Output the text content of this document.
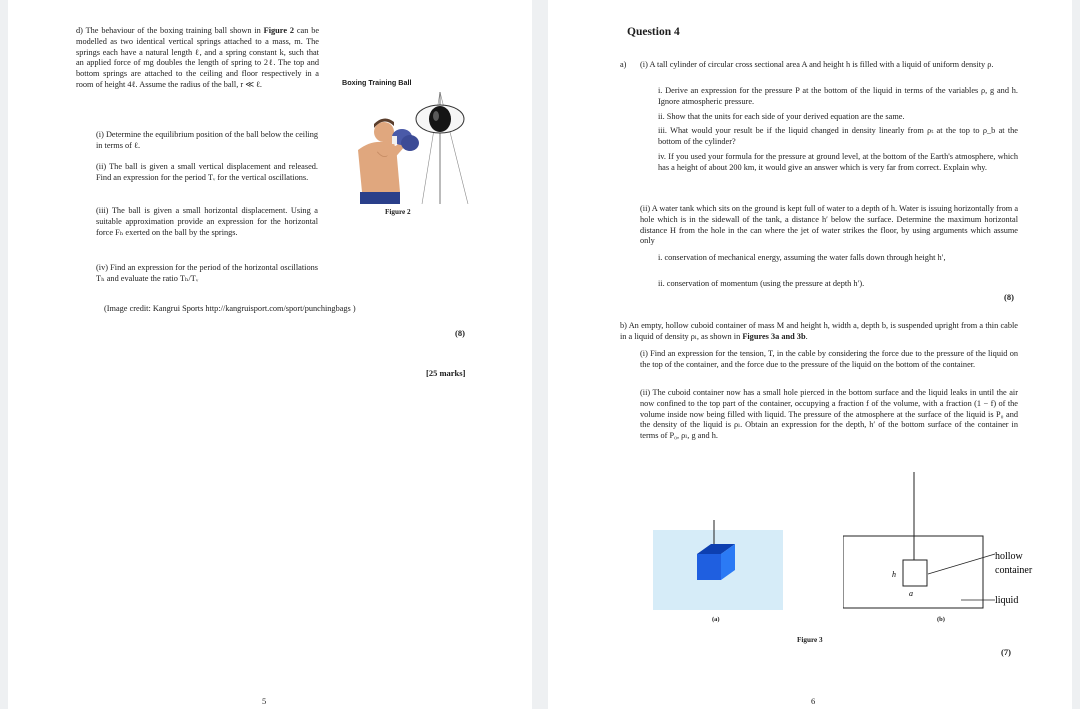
d) The behaviour of the boxing training ball shown in Figure 2 can be modelled as two identical vertical springs attached to a mass, m. The springs each have a natural length ℓ, and a spring constant k, such that an applied force of mg doubles the length of spring to 2ℓ. The top and bottom springs are attached to the ceiling and floor respectively in a room of height 4ℓ. Assume the radius of the ball, r ≪ ℓ.

(i) Determine the equilibrium position of the ball below the ceiling in terms of ℓ.

(ii) The ball is given a small vertical displacement and released. Find an expression for the period Tᵥ for the vertical oscillations.

(iii) The ball is given a small horizontal displacement. Using a suitable approximation provide an expression for the horizontal force Fₕ exerted on the ball by the springs.

(iv) Find an expression for the period of the horizontal oscillations Tₕ and evaluate the ratio Tₕ/Tᵥ

(Image credit: Kangrui Sports http://kangruisport.com/sport/punchingbags )

Boxing Training Ball
Figure 2
(8)
[25 marks]
5
Question 4
a) (i) A tall cylinder of circular cross sectional area A and height h is filled with a liquid of uniform density ρ.

i. Derive an expression for the pressure P at the bottom of the liquid in terms of the variables ρ, g and h. Ignore atmospheric pressure.

ii. Show that the units for each side of your derived equation are the same.

iii. What would your result be if the liquid changed in density linearly from ρₜ at the top to ρ_b at the bottom of the cylinder?

iv. If you used your formula for the pressure at ground level, at the bottom of the Earth's atmosphere, which has a height of about 200 km, it would give an answer which is very far from correct. Explain why.

(ii) A water tank which sits on the ground is kept full of water to a depth of h. Water is issuing horizontally from a hole which is in the sidewall of the tank, a distance h′ below the surface. Determine the maximum horizontal distance H from the hole in the can where the jet of water strikes the floor, by using arguments which assume only

i. conservation of mechanical energy, assuming the water falls down through height h′,

ii. conservation of momentum (using the pressure at depth h′).

(8)

b) An empty, hollow cuboid container of mass M and height h, width a, depth b, is suspended upright from a thin cable in a liquid of density ρₗ, as shown in Figures 3a and 3b.

(i) Find an expression for the tension, T, in the cable by considering the force due to the pressure of the liquid on the top of the container, and the force due to the pressure of the liquid on the bottom of the container.

(ii) The cuboid container now has a small hole pierced in the bottom surface and the liquid leaks in until the air now confined to the top part of the container, occupying a fraction f of the volume, with a fraction (1 − f) of the volume inside now being filled with liquid. The pressure of the atmosphere at the surface of the liquid is P₀ and the density of the liquid is ρₗ. Obtain an expression for the depth, h′ of the bottom surface of the container in terms of P₀, ρₗ, g and h.

(a)
h
a
hollow
container
liquid
(b)
Figure 3
(7)
6
